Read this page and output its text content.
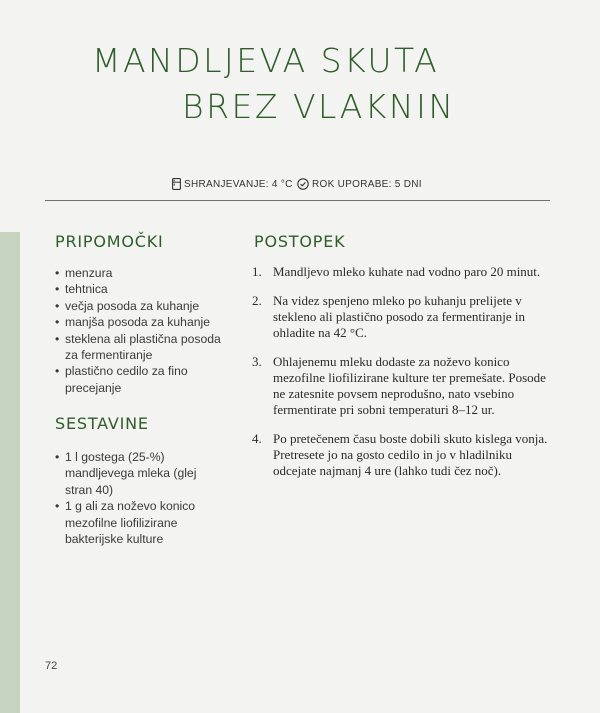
MANDLJEVA SKUTA
BREZ VLAKNIN
SHRANJEVANJE: 4 °C ROK UPORABE: 5 DNI
PRIPOMOČKI
• menzura
• tehtnica
• večja posoda za kuhanje
• manjša posoda za kuhanje
• steklena ali plastična posoda za fermentiranje
• plastično cedilo za fino precejanje
SESTAVINE
• 1 l gostega (25-%) mandljevega mleka (glej stran 40)
• 1 g ali za noževo konico mezofilne liofilizirane bakterijske kulture
POSTOPEK
1. Mandljevo mleko kuhate nad vodno paro 20 minut.
2. Na videz spenjeno mleko po kuhanju prelijete v stekleno ali plastično posodo za fermentiranje in ohladite na 42 °C.
3. Ohlajenemu mleku dodaste za noževo konico mezofilne liofilizirane kulture ter premešate. Posode ne zatesnite povsem neprodušno, nato vsebino fermentirate pri sobni temperaturi 8–12 ur.
4. Po pretečenem času boste dobili skuto kislega vonja. Pretresete jo na gosto cedilo in jo v hladilniku odcejate najmanj 4 ure (lahko tudi čez noč).
72
